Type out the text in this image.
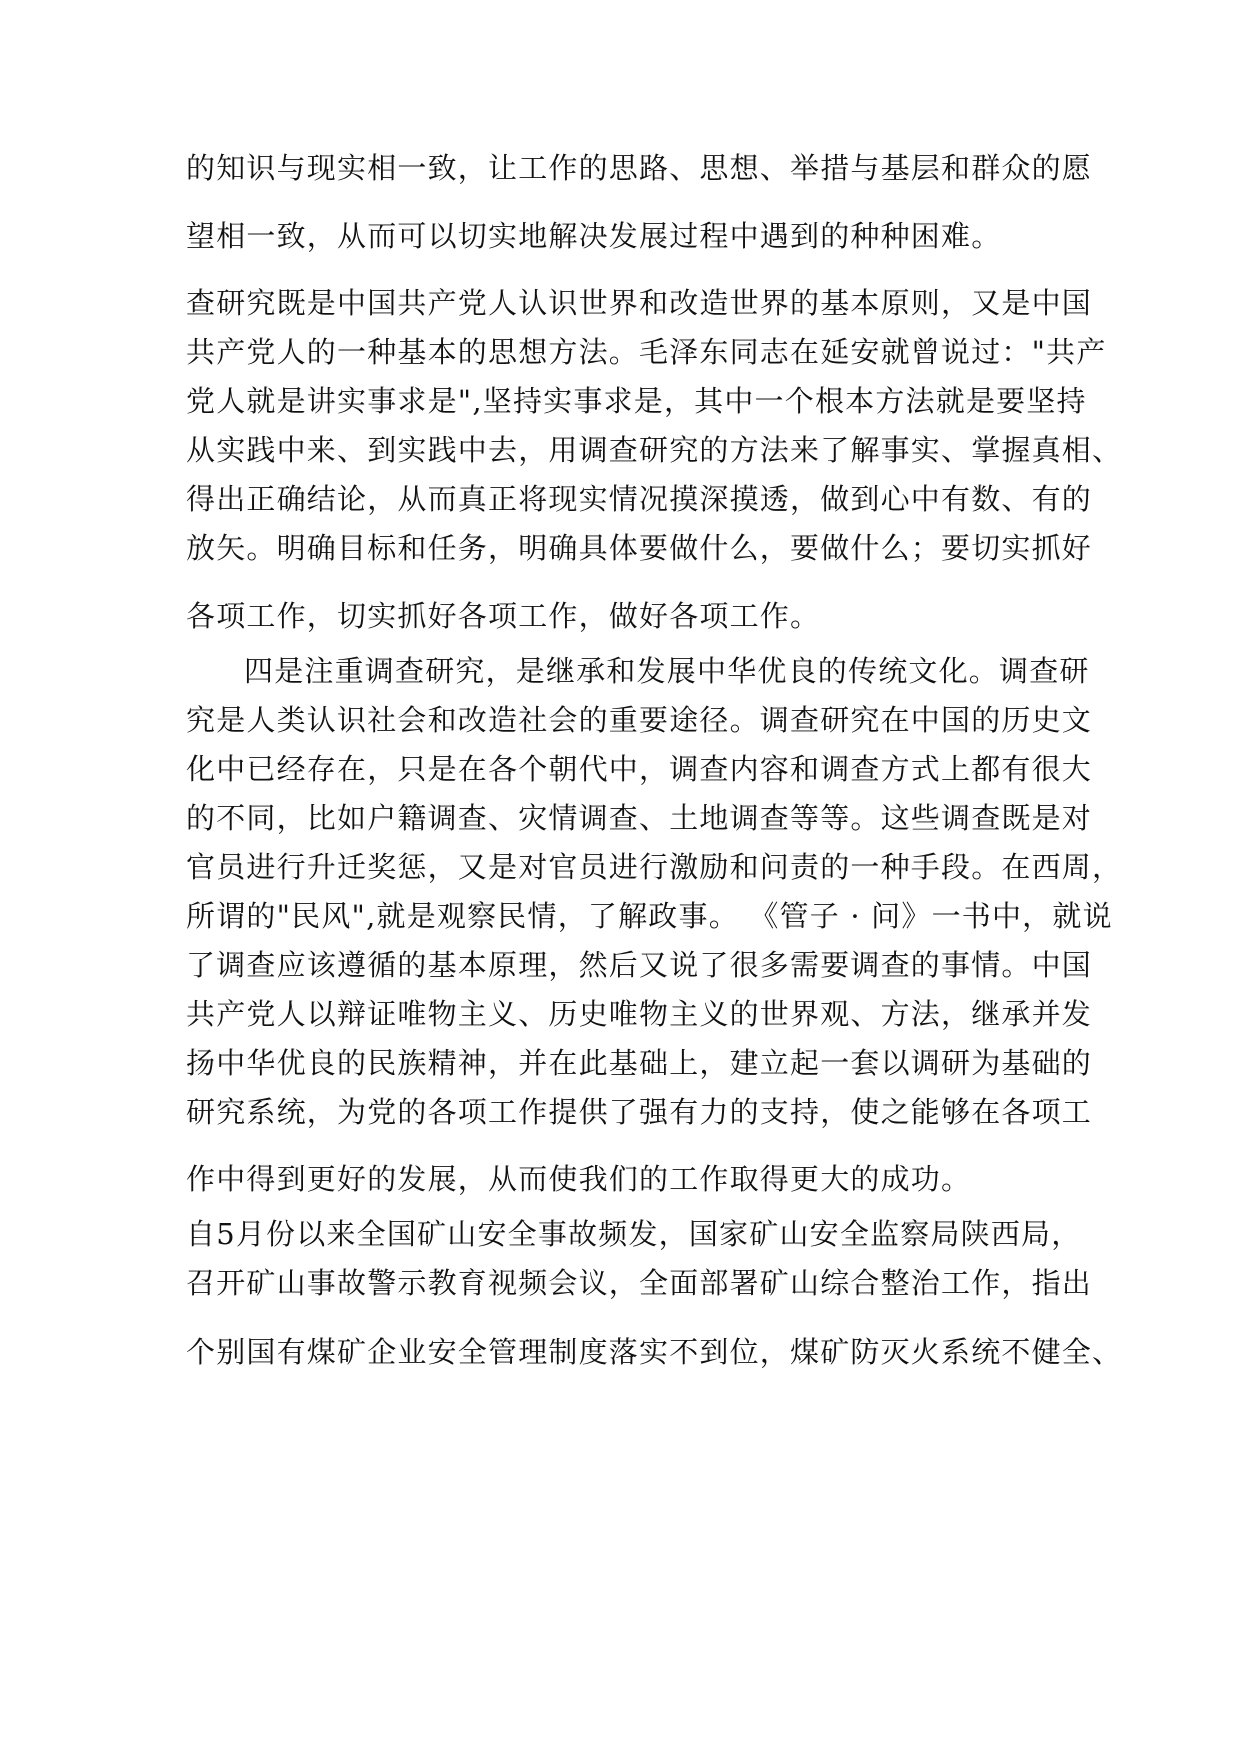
的知识与现实相一致，让工作的思路、思想、举措与基层和群众的愿
望相一致，从而可以切实地解决发展过程中遇到的种种困难。
查研究既是中国共产党人认识世界和改造世界的基本原则，又是中国
共产党人的一种基本的思想方法。毛泽东同志在延安就曾说过："共产
党人就是讲实事求是",坚持实事求是，其中一个根本方法就是要坚持
从实践中来、到实践中去，用调查研究的方法来了解事实、掌握真相、
得出正确结论，从而真正将现实情况摸深摸透，做到心中有数、有的
放矢。明确目标和任务，明确具体要做什么，要做什么；要切实抓好
各项工作，切实抓好各项工作，做好各项工作。
四是注重调查研究，是继承和发展中华优良的传统文化。调查研
究是人类认识社会和改造社会的重要途径。调查研究在中国的历史文
化中已经存在，只是在各个朝代中，调查内容和调查方式上都有很大
的不同，比如户籍调查、灾情调查、土地调查等等。这些调查既是对
官员进行升迁奖惩，又是对官员进行激励和问责的一种手段。在西周，
所谓的"民风",就是观察民情，了解政事。 《管子 · 问》一书中，就说
了调查应该遵循的基本原理，然后又说了很多需要调查的事情。中国
共产党人以辩证唯物主义、历史唯物主义的世界观、方法，继承并发
扬中华优良的民族精神，并在此基础上，建立起一套以调研为基础的
研究系统，为党的各项工作提供了强有力的支持，使之能够在各项工
作中得到更好的发展，从而使我们的工作取得更大的成功。
自5月份以来全国矿山安全事故频发，国家矿山安全监察局陕西局，
召开矿山事故警示教育视频会议，全面部署矿山综合整治工作，指出
个别国有煤矿企业安全管理制度落实不到位，煤矿防灭火系统不健全、
